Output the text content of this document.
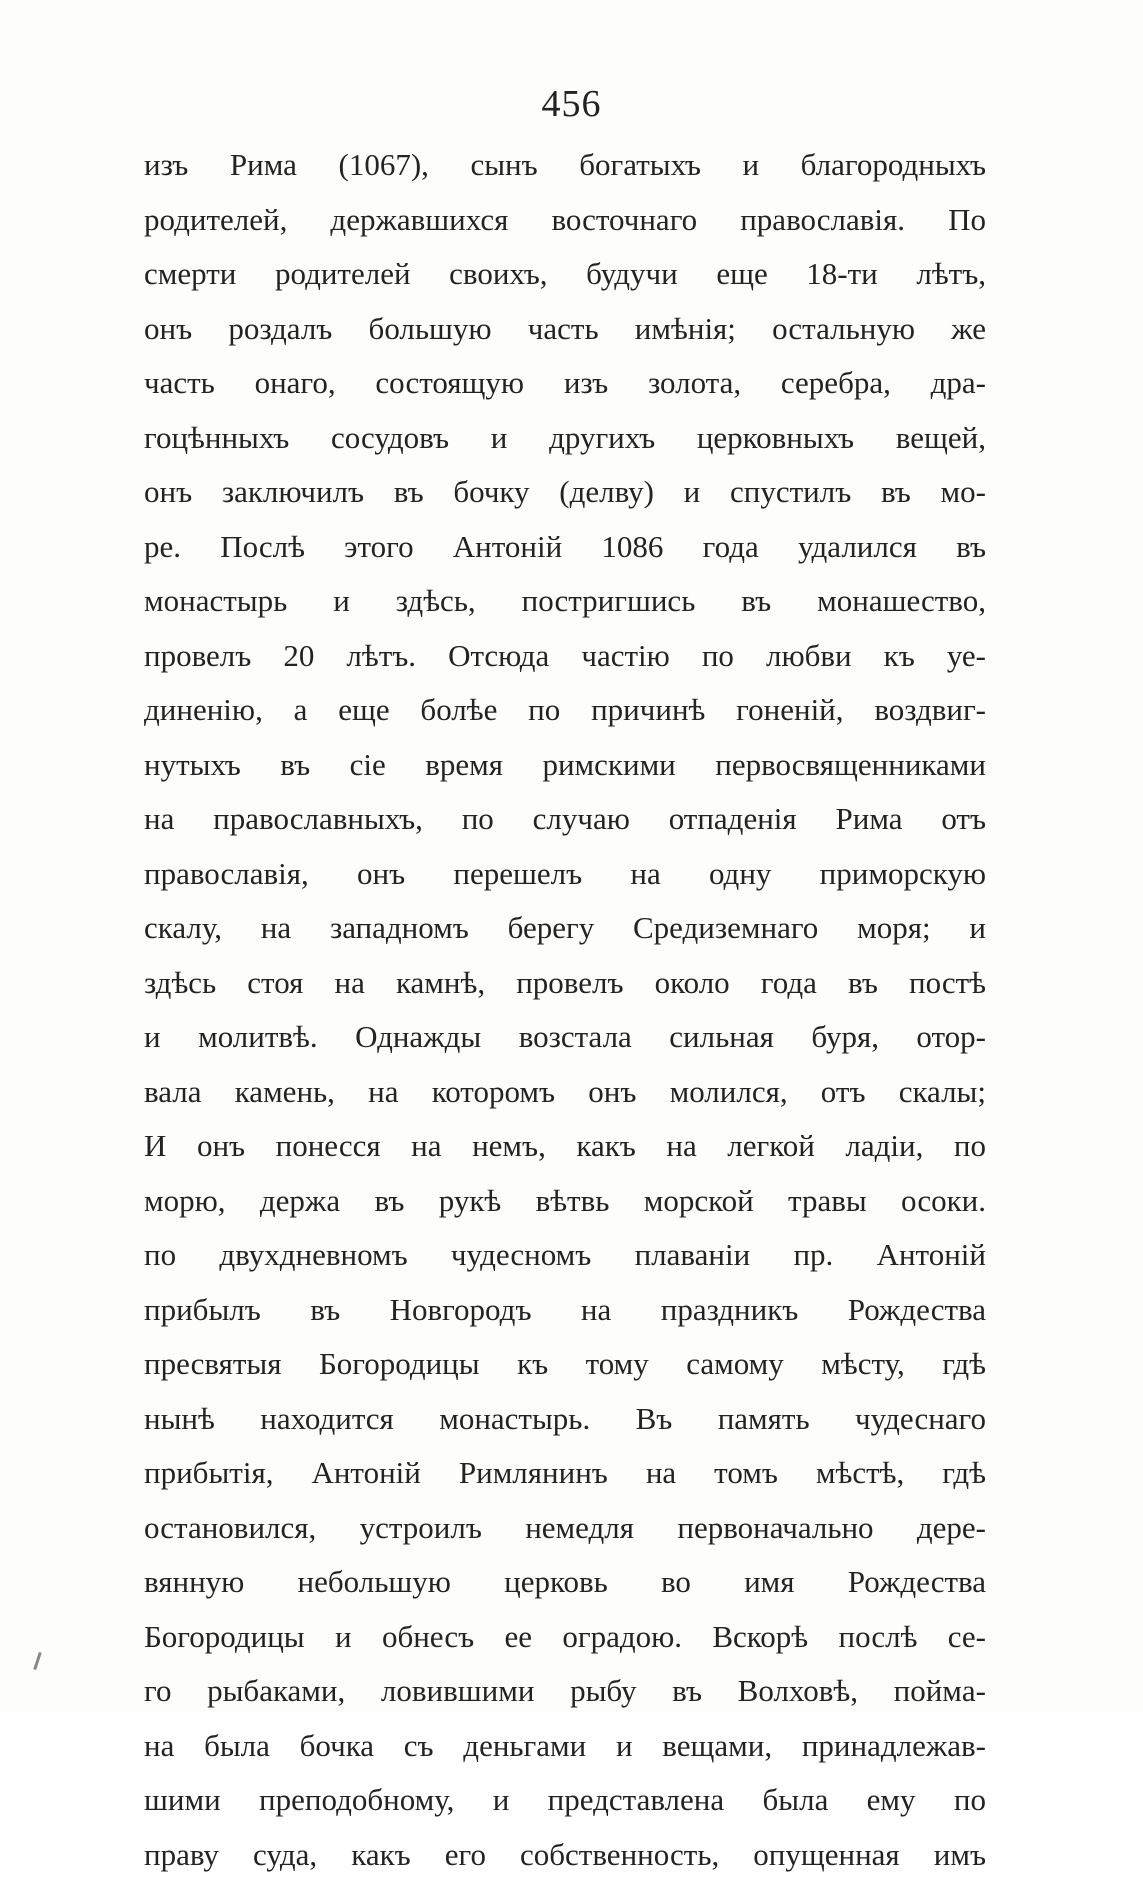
456
изъ Рима (1067), сынъ богатыхъ и благородныхъ
родителей, державшихся восточнаго православія. По
смерти родителей своихъ, будучи еще 18-ти лѣтъ,
онъ роздалъ большую часть имѣнія; остальную же
часть онаго, состоящую изъ золота, серебра, дра-
гоцѣнныхъ сосудовъ и другихъ церковныхъ вещей,
онъ заключилъ въ бочку (делву) и спустилъ въ мо-
ре. Послѣ этого Антоній 1086 года удалился въ
монастырь и здѣсь, постригшись въ монашество,
провелъ 20 лѣтъ. Отсюда частію по любви къ уе-
диненію, а еще болѣе по причинѣ гоненій, воздвиг-
нутыхъ въ сіе время римскими первосвященниками
на православныхъ, по случаю отпаденія Рима отъ
православія, онъ перешелъ на одну приморскую
скалу, на западномъ берегу Средиземнаго моря; и
здѣсь стоя на камнѣ, провелъ около года въ постѣ
и молитвѣ. Однажды возстала сильная буря, отор-
вала камень, на которомъ онъ молился, отъ скалы;
И онъ понесся на немъ, какъ на легкой ладіи, по
морю, держа въ рукѣ вѣтвь морской травы осоки.
по двухдневномъ чудесномъ плаваніи пр. Антоній
прибылъ въ Новгородъ на праздникъ Рождества
пресвятыя Богородицы къ тому самому мѣсту, гдѣ
нынѣ находится монастырь. Въ память чудеснаго
прибытія, Антоній Римлянинъ на томъ мѣстѣ, гдѣ
остановился, устроилъ немедля первоначально дере-
вянную небольшую церковь во имя Рождества
Богородицы и обнесъ ее оградою. Вскорѣ послѣ се-
го рыбаками, ловившими рыбу въ Волховѣ, поймa-
на была бочка съ деньгами и вещами, принадлежав-
шими преподобному, и представлена была ему по
праву суда, какъ его собственность, опущенная имъ
